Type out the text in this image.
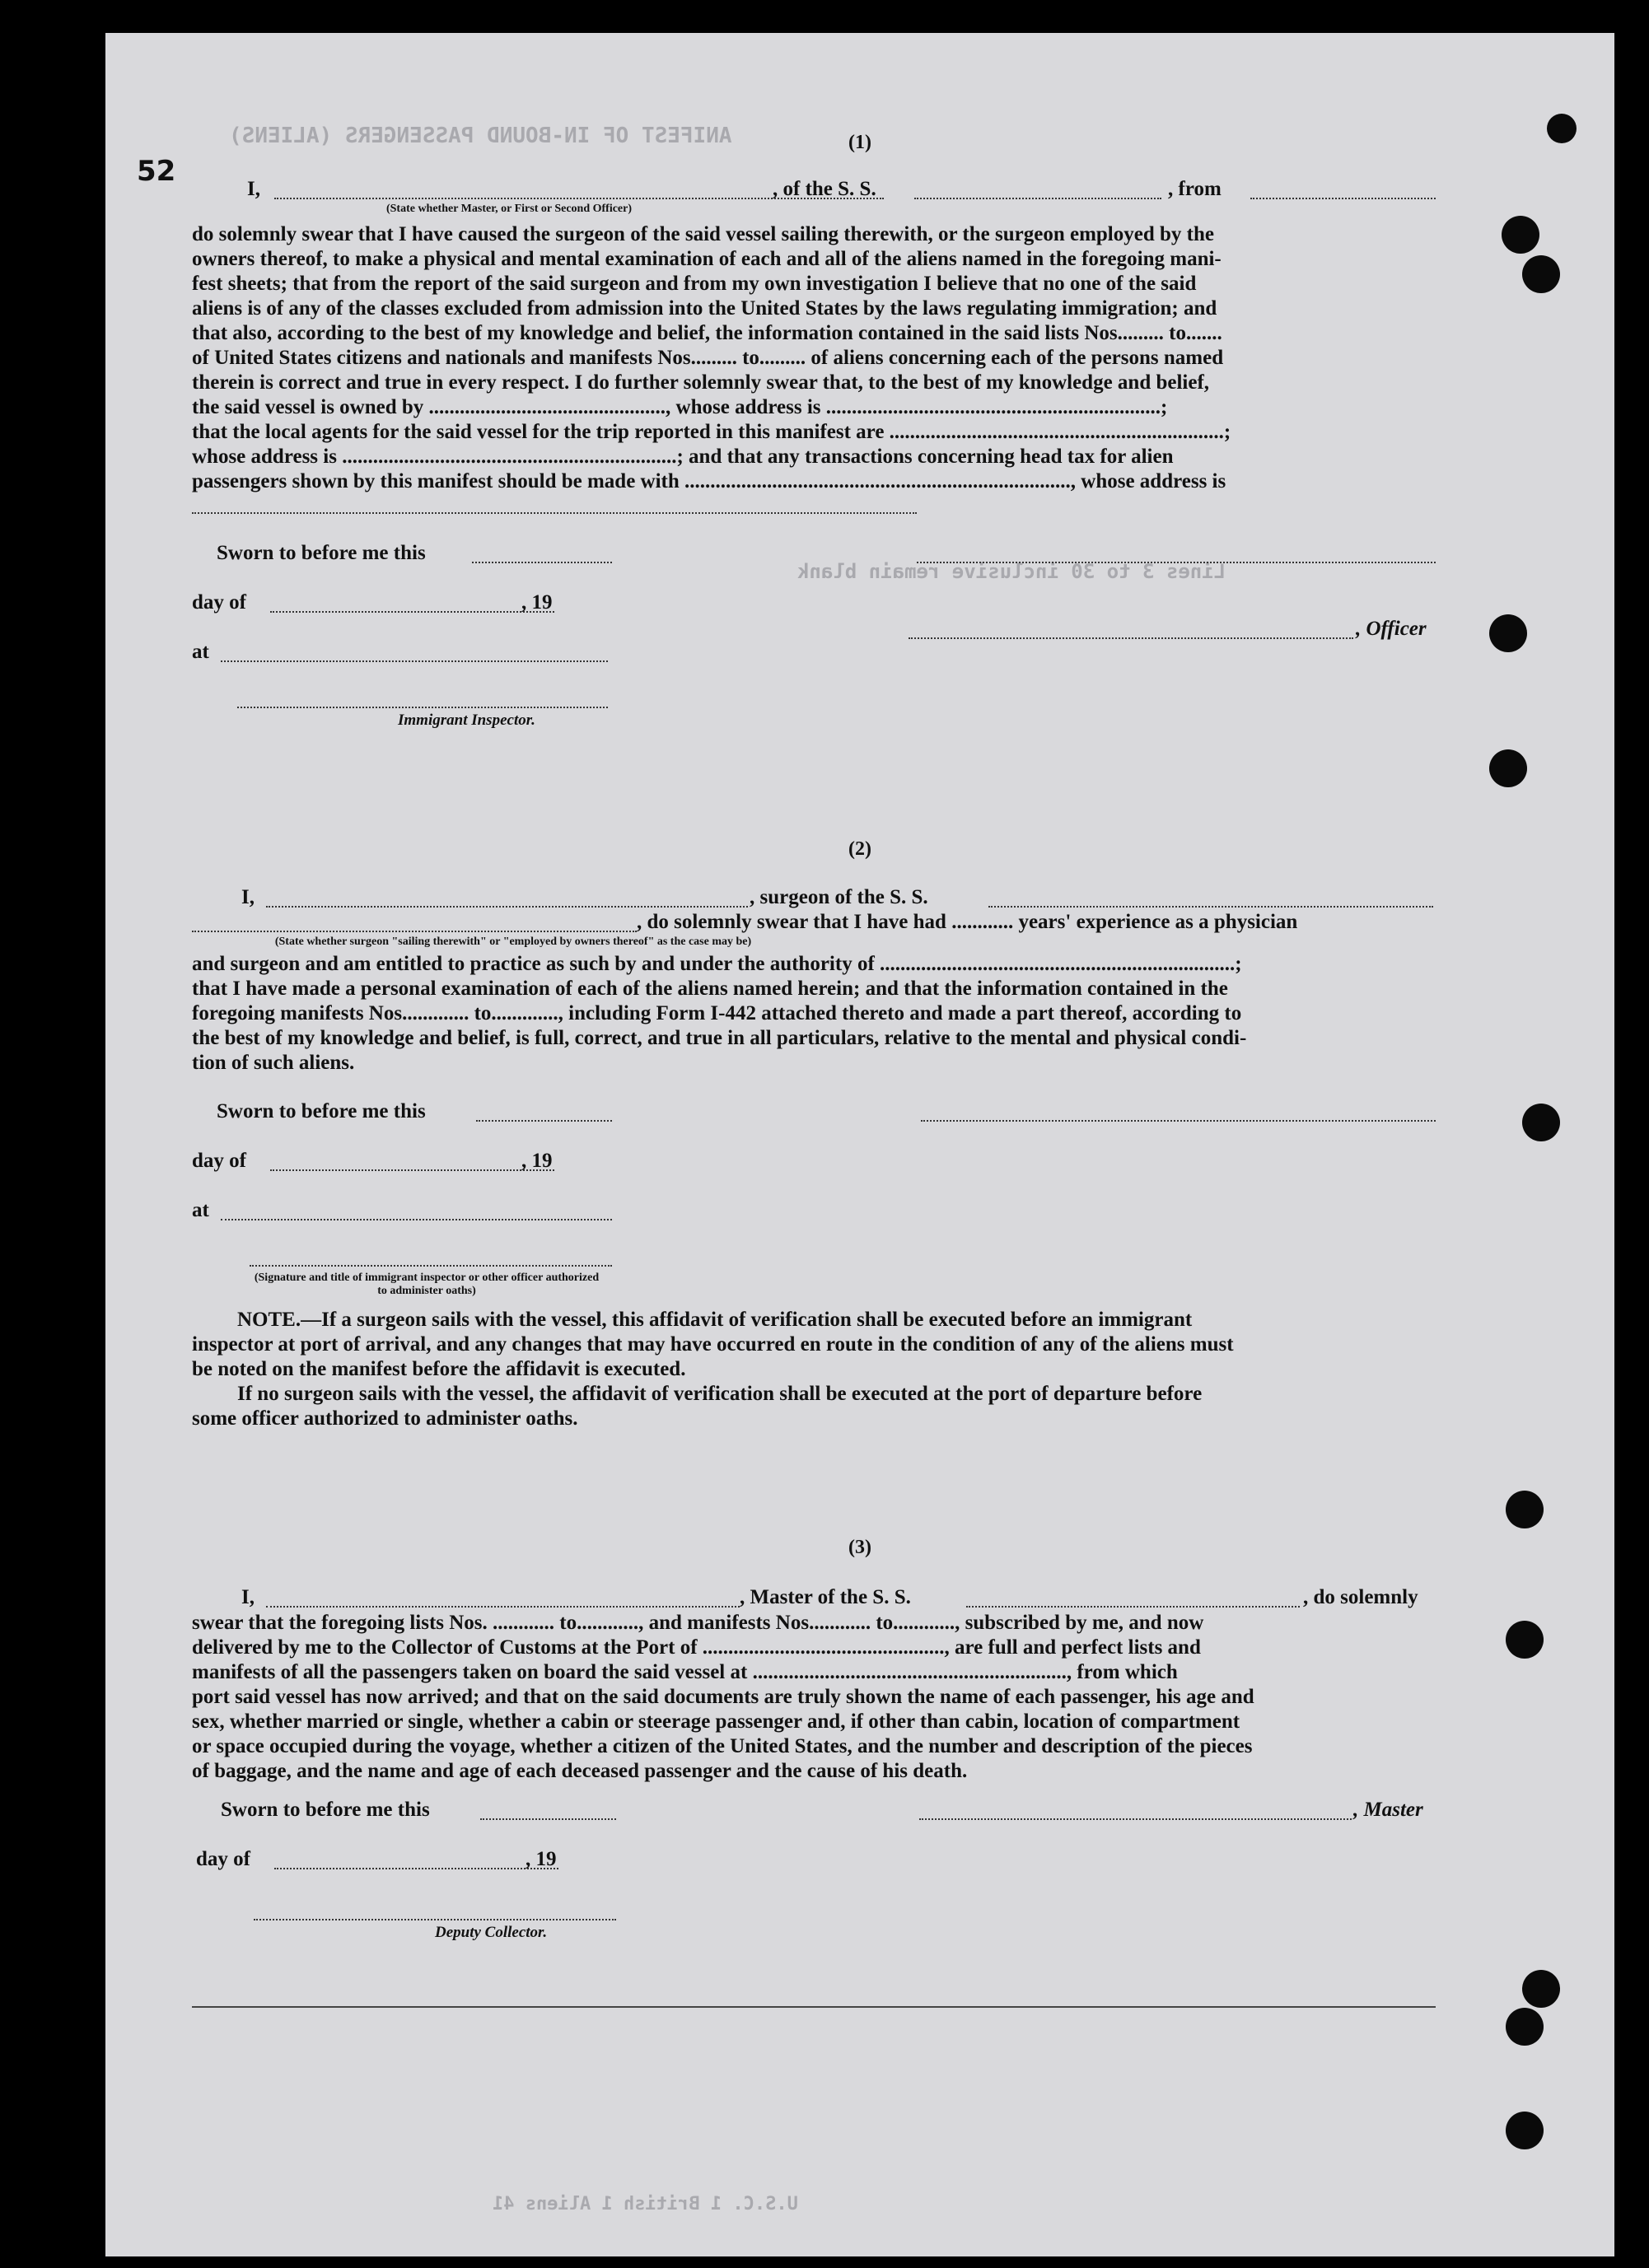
ANIFEST OF IN-BOUND PASSENGERS (ALIENS)
Lines 3 to 30 inclusive remain blank
U.S.C. 1 British 1 Aliens 41
52
(1)
I,	, of the S. S.	, from
(State whether Master, or First or Second Officer)
do solemnly swear that I have caused the surgeon of the said vessel sailing therewith, or the surgeon employed by the
owners thereof, to make a physical and mental examination of each and all of the aliens named in the foregoing mani-
fest sheets; that from the report of the said surgeon and from my own investigation I believe that no one of the said
aliens is of any of the classes excluded from admission into the United States by the laws regulating immigration; and
that also, according to the best of my knowledge and belief, the information contained in the said lists Nos......... to.......
of United States citizens and nationals and manifests Nos......... to......... of aliens concerning each of the persons named
therein is correct and true in every respect. I do further solemnly swear that, to the best of my knowledge and belief,
the said vessel is owned by .............................................., whose address is .................................................................;
that the local agents for the said vessel for the trip reported in this manifest are .................................................................;
whose address is .................................................................; and that any transactions concerning head tax for alien
passengers shown by this manifest should be made with ..........................................................................., whose address is
Sworn to before me this
day of	, 19
, Officer
at
Immigrant Inspector.
(2)
I,	, surgeon of the S. S.
, do solemnly swear that I have had ............ years' experience as a physician
(State whether surgeon "sailing therewith" or "employed by owners thereof" as the case may be)
and surgeon and am entitled to practice as such by and under the authority of .....................................................................;
that I have made a personal examination of each of the aliens named herein; and that the information contained in the
foregoing manifests Nos............. to............., including Form I-442 attached thereto and made a part thereof, according to
the best of my knowledge and belief, is full, correct, and true in all particulars, relative to the mental and physical condi-
tion of such aliens.
Sworn to before me this
day of	, 19
at
(Signature and title of immigrant inspector or other officer authorized to administer oaths)
NOTE.—If a surgeon sails with the vessel, this affidavit of verification shall be executed before an immigrant
inspector at port of arrival, and any changes that may have occurred en route in the condition of any of the aliens must
be noted on the manifest before the affidavit is executed.
If no surgeon sails with the vessel, the affidavit of verification shall be executed at the port of departure before
some officer authorized to administer oaths.
(3)
I,	, Master of the S. S.	, do solemnly
swear that the foregoing lists Nos. ............ to............, and manifests Nos............ to............, subscribed by me, and now
delivered by me to the Collector of Customs at the Port of ..............................................., are full and perfect lists and
manifests of all the passengers taken on board the said vessel at ............................................................., from which
port said vessel has now arrived; and that on the said documents are truly shown the name of each passenger, his age and
sex, whether married or single, whether a cabin or steerage passenger and, if other than cabin, location of compartment
or space occupied during the voyage, whether a citizen of the United States, and the number and description of the pieces
of baggage, and the name and age of each deceased passenger and the cause of his death.
Sworn to before me this	, Master
day of	, 19
Deputy Collector.
